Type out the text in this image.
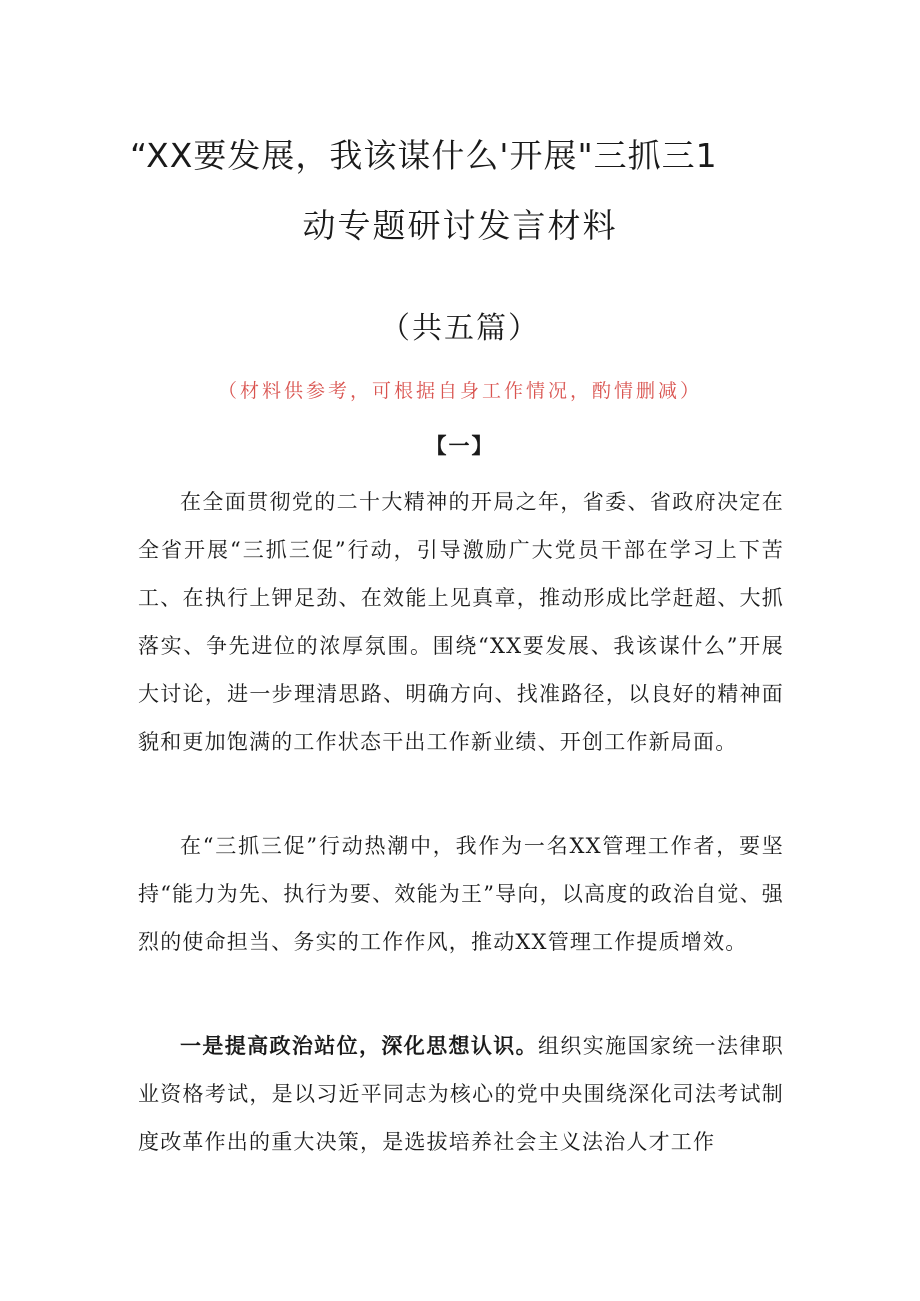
“XX要发展，我该谋什么'开展"三抓三1
动专题研讨发言材料
（共五篇）
（材料供参考，可根据自身工作情况，酌情删减）
【一】

在全面贯彻党的二十大精神的开局之年，省委、省政府决定在全省开展“三抓三促”行动，引导激励广大党员干部在学习上下苦工、在执行上钾足劲、在效能上见真章，推动形成比学赶超、大抓落实、争先进位的浓厚氛围。围绕“XX要发展、我该谋什么”开展大讨论，进一步理清思路、明确方向、找准路径，以良好的精神面貌和更加饱满的工作状态干出工作新业绩、开创工作新局面。

在“三抓三促”行动热潮中，我作为一名XX管理工作者，要坚持“能力为先、执行为要、效能为王”导向，以高度的政治自觉、强烈的使命担当、务实的工作作风，推动XX管理工作提质增效。

一是提高政治站位，深化思想认识。组织实施国家统一法律职业资格考试，是以习近平同志为核心的党中央围绕深化司法考试制度改革作出的重大决策，是选拔培养社会主义法治人才工作
